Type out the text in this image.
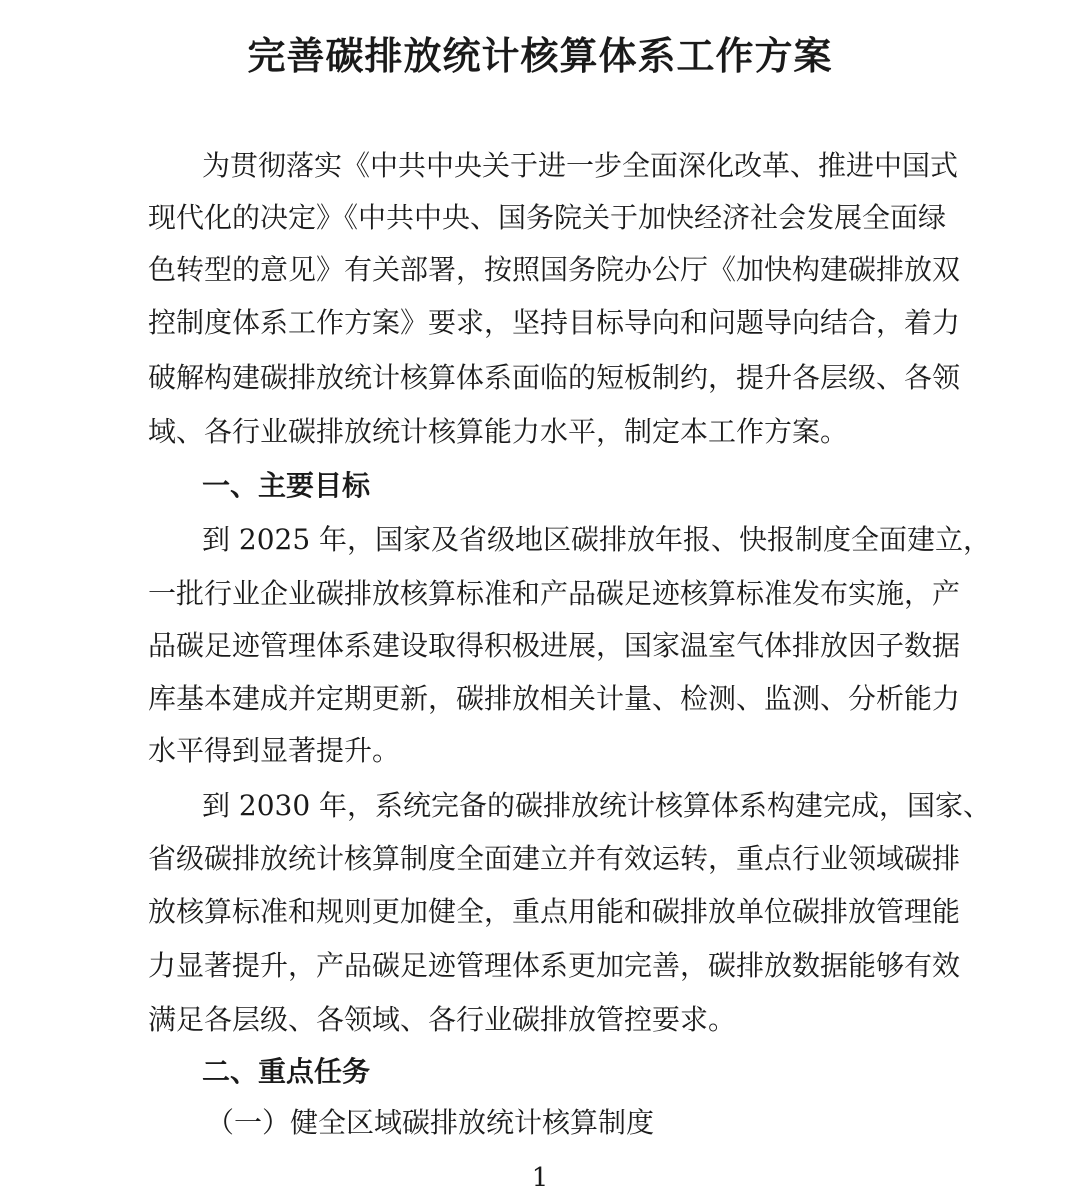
完善碳排放统计核算体系工作方案

为贯彻落实《中共中央关于进一步全面深化改革、推进中国式

现代化的决定》《中共中央、国务院关于加快经济社会发展全面绿

色转型的意见》有关部署，按照国务院办公厅《加快构建碳排放双

控制度体系工作方案》要求，坚持目标导向和问题导向结合，着力

破解构建碳排放统计核算体系面临的短板制约，提升各层级、各领

域、各行业碳排放统计核算能力水平，制定本工作方案。

一、主要目标

到 2025 年，国家及省级地区碳排放年报、快报制度全面建立，

一批行业企业碳排放核算标准和产品碳足迹核算标准发布实施，产

品碳足迹管理体系建设取得积极进展，国家温室气体排放因子数据

库基本建成并定期更新，碳排放相关计量、检测、监测、分析能力

水平得到显著提升。

到 2030 年，系统完备的碳排放统计核算体系构建完成，国家、

省级碳排放统计核算制度全面建立并有效运转，重点行业领域碳排

放核算标准和规则更加健全，重点用能和碳排放单位碳排放管理能

力显著提升，产品碳足迹管理体系更加完善，碳排放数据能够有效

满足各层级、各领域、各行业碳排放管控要求。

二、重点任务

（一）健全区域碳排放统计核算制度

1
